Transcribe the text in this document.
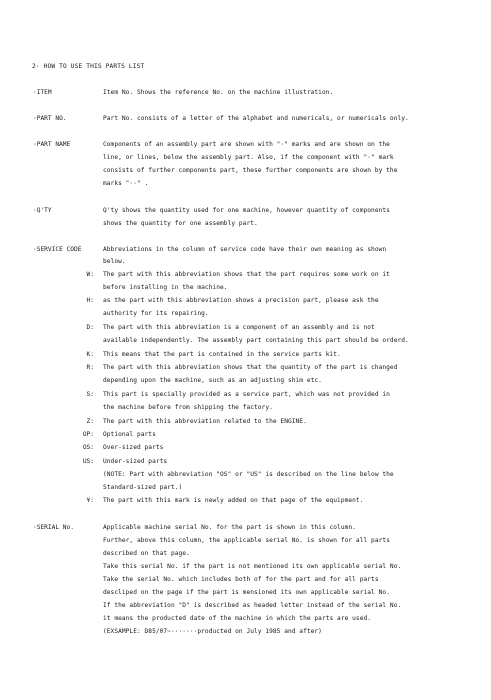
2· HOW TO USE THIS PARTS LIST
·ITEM	Item No. Shows the reference No. on the machine illustration.
·PART NO.	Part No. consists of a letter of the alphabet and numericals, or numericals only.
·PART NAME	Components of an assembly part are shown with "·" marks and are shown on the
line, or lines, below the assembly part. Also, if the component with "·" mark
consists of further components part, these further components are shown by the
marks "··" .
·Q'TY	Q'ty shows the quantity used for one machine, however quantity of components
shows the quantity for one assembly part.
·SERVICE CODE	Abbreviations in the column of service code have their own meaning as shown
below.
W: The part with this abbreviation shows that the part requires some work on it
before installing in the machine.
H: as the part with this abbreviation shows a precision part, please ask the
authority for its repairing.
D: The part with this abbreviation is a component of an assembly and is not
available independently. The assembly part containing this part should be orderd.
K: This means that the part is contained in the service parts kit.
R: The part with this abbreviation shows that the quantity of the part is changed
depending upon the machine, such as an adjusting shim etc.
S: This part is specially provided as a service part, which was not provided in
the machine before from shipping the factory.
Z: The part with this abbreviation related to the ENGINE.
OP: Optional parts
OS: Over-sized parts
US: Under-sized parts
(NOTE: Part with abbreviation "OS" or "US" is described on the line below the
Standard-sized part.)
¥: The part with this mark is newly added on that page of the equipment.
·SERIAL No.	Applicable machine serial No. for the part is shown in this column.
Further, above this column, the applicable serial No. is shown for all parts
described on that page.
Take this serial No. if the part is not mentioned its own applicable serial No.
Take the serial No. which includes both of for the part and for all parts
descliped on the page if the part is mensioned its own applicable serial No.
If the abbreviation "D" is described as headed letter instead of the serial No.
it means the producted date of the machine in which the parts are used.
(EXSAMPLE: D85/07~·······producted on July 1985 and after)
